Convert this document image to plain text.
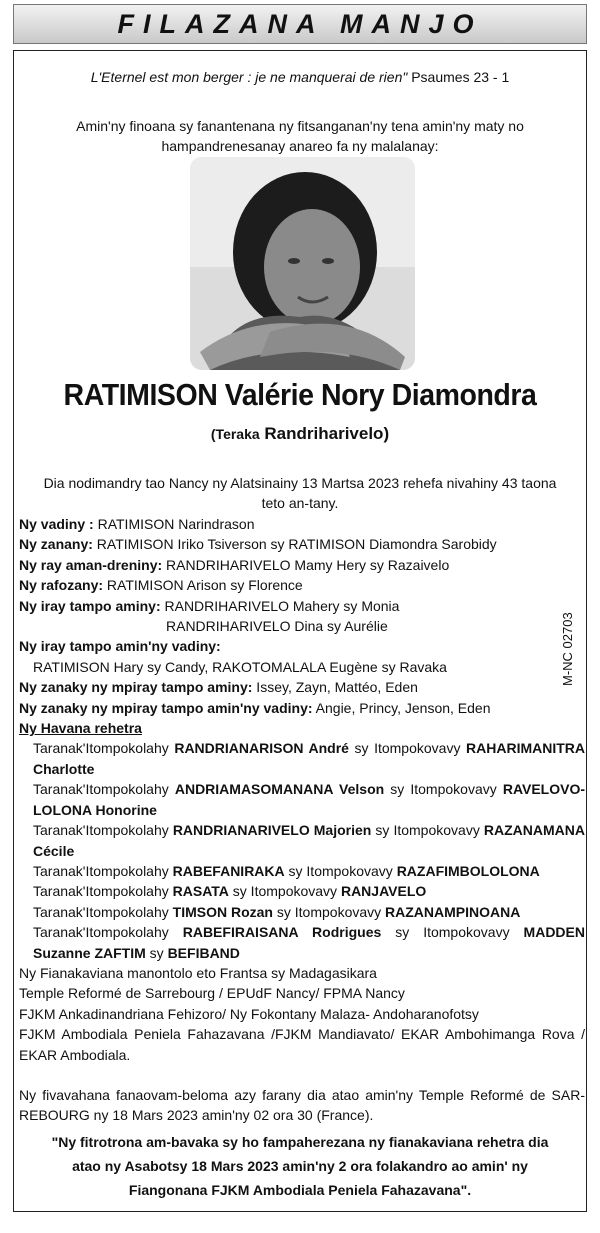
FILAZANA MANJO
L'Eternel est mon berger : je ne manquerai de rien" Psaumes 23 - 1
Amin'ny finoana sy fanantenana ny fitsanganan'ny tena amin'ny maty no hampandrenesanay anareo fa ny malalanay:
RATIMISON Valérie Nory Diamondra
(Teraka Randriharivelo)
Dia nodimandry tao Nancy ny Alatsinainy 13 Martsa 2023 rehefa nivahiny 43 taona teto an-tany.
Ny vadiny : RATIMISON Narindrason
Ny zanany: RATIMISON Iriko Tsiverson sy RATIMISON Diamondra Sarobidy
Ny ray aman-dreniny: RANDRIHARIVELO Mamy Hery sy Razaivelo
Ny rafozany: RATIMISON Arison sy Florence
Ny iray tampo aminy: RANDRIHARIVELO Mahery sy Monia
RANDRIHARIVELO Dina sy Aurélie
Ny iray tampo amin'ny vadiny:
RATIMISON Hary sy Candy, RAKOTOMALALA Eugène sy Ravaka
Ny zanaky ny mpiray tampo aminy: Issey, Zayn, Mattéo, Eden
Ny zanaky ny mpiray tampo amin'ny vadiny: Angie, Princy, Jenson, Eden
Ny Havana rehetra
Taranak'Itompokolahy RANDRIANARISON André sy Itompokovavy RAHARIMANITRA Charlotte
Taranak'Itompokolahy ANDRIAMASOMANANA Velson sy Itompokovavy RAVELOVO-LOLONA Honorine
Taranak'Itompokolahy RANDRIANARIVELO Majorien sy Itompokovavy RAZANAMANA Cécile
Taranak'Itompokolahy RABEFANIRAKA sy Itompokovavy RAZAFIMBOLOLONA
Taranak'Itompokolahy RASATA sy Itompokovavy RANJAVELO
Taranak'Itompokolahy TIMSON Rozan sy Itompokovavy RAZANAMPINOANA
Taranak'Itompokolahy RABEFIRAISANA Rodrigues sy Itompokovavy MADDEN Suzanne ZAFTIM sy BEFIBAND
Ny Fianakaviana manontolo eto Frantsa sy Madagasikara
Temple Reformé de Sarrebourg / EPUdF Nancy/ FPMA Nancy
FJKM Ankadinandriana Fehizoro/ Ny Fokontany Malaza- Andoharanofotsy
FJKM Ambodiala Peniela Fahazavana /FJKM Mandiavato/ EKAR Ambohimanga Rova / EKAR Ambodiala.
M-NC 02703
Ny fivavahana fanaovam-beloma azy farany dia atao amin'ny Temple Reformé de SAR-REBOURG ny 18 Mars 2023 amin'ny 02 ora 30 (France).
"Ny fitrotrona am-bavaka sy ho fampaherezana ny fianakaviana rehetra dia atao ny Asabotsy 18 Mars 2023 amin'ny 2 ora folakandro ao amin' ny Fiangonana FJKM Ambodiala Peniela Fahazavana".
